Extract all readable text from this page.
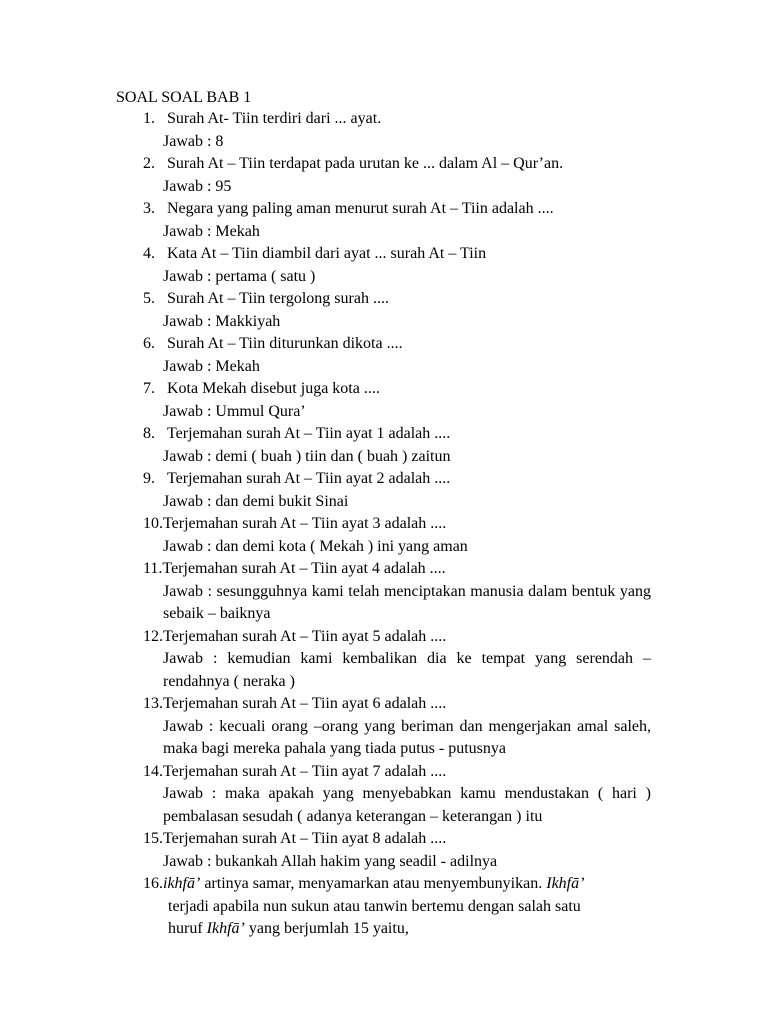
SOAL SOAL BAB 1
1. Surah At- Tiin terdiri dari ... ayat.
Jawab : 8
2. Surah At – Tiin terdapat pada urutan ke ... dalam Al – Qur’an.
Jawab : 95
3. Negara yang paling aman menurut surah At – Tiin adalah ....
Jawab : Mekah
4. Kata At – Tiin diambil dari ayat ... surah At – Tiin
Jawab : pertama ( satu )
5. Surah At – Tiin tergolong surah ....
Jawab : Makkiyah
6. Surah At – Tiin diturunkan dikota ....
Jawab : Mekah
7. Kota Mekah disebut juga kota ....
Jawab : Ummul Qura’
8. Terjemahan surah At – Tiin ayat 1 adalah ....
Jawab : demi ( buah ) tiin dan ( buah ) zaitun
9. Terjemahan surah At – Tiin ayat 2 adalah ....
Jawab : dan demi bukit Sinai
10.Terjemahan surah At – Tiin ayat 3 adalah ....
Jawab : dan demi kota ( Mekah ) ini yang aman
11.Terjemahan surah At – Tiin ayat 4 adalah ....
Jawab : sesungguhnya kami telah menciptakan manusia dalam bentuk yang sebaik – baiknya
12.Terjemahan surah At – Tiin ayat 5 adalah ....
Jawab : kemudian kami kembalikan dia ke tempat yang serendah – rendahnya ( neraka )
13.Terjemahan surah At – Tiin ayat 6 adalah ....
Jawab : kecuali orang –orang yang beriman dan mengerjakan amal saleh, maka bagi mereka pahala yang tiada putus - putusnya
14.Terjemahan surah At – Tiin ayat 7 adalah ....
Jawab : maka apakah yang menyebabkan kamu mendustakan ( hari ) pembalasan sesudah ( adanya keterangan – keterangan ) itu
15.Terjemahan surah At – Tiin ayat 8 adalah ....
Jawab : bukankah Allah hakim yang seadil - adilnya
16.ikhfā’ artinya samar, menyamarkan atau menyembunyikan. Ikhfā’
terjadi apabila nun sukun atau tanwin bertemu dengan salah satu
huruf Ikhfā’ yang berjumlah 15 yaitu,
